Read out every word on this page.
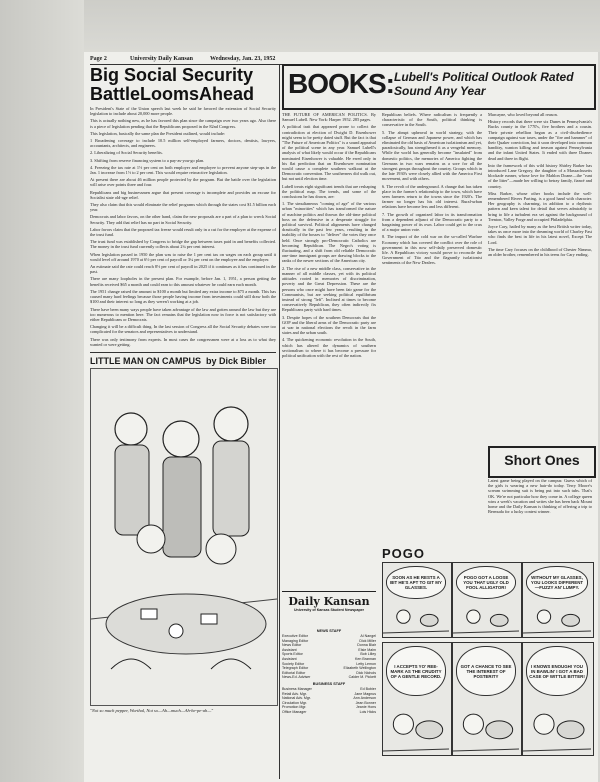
Page 2	University Daily Kansan	Wednesday, Jan. 23, 1952
Big Social Security
BattleLoomsAhead

In President's State of the Union speech last week he said he favored the extension of Social Security legislation to include about 20,000 more people.

This is actually nothing new, as he has favored this plan since the campaign over two years ago. Also there is a piece of legislation pending that the Republicans proposed in the 82nd Congress.

This legislation, basically the same plan the President outlined, would include:

1 Broadening coverage to include 10.5 million self-employed farmers, doctors, dentists, lawyers, accountants, architects, and engineers.

2. Liberalizing of Social Security benefits.

3. Shifting from reserve financing system to a pay-as-you-go plan.

4. Freezing the tax rate at 1½ per cent on both employer and employee to prevent anyone step-ups in the Jan. 1 increase from 1½ to 2 per cent. This would require retroactive legislation.

At present there are about 46 million people protected by the program. But the battle over the legislation will arise over points three and four.

Republicans and big businessmen argue that present coverage is incomplete and provides an excuse for Socialist state old-age relief.

They also claim that this would eliminate the relief programs which through the states cost $1.5 billion each year.

Democrats and labor favors, on the other hand, claim the new proposals are a part of a plan to wreck Social Security. They add that relief has no part in Social Security.

Labor favors claim that the proposed tax freeze would result only in a cut for the employer at the expense of the trust fund.

The trust fund was established by Congress to bridge the gap between taxes paid in and benefits collected. The money in the trust fund currently collects about 2¼ per cent interest.

When legislation passed in 1950 the plan was to raise the 1 per cent tax on wages on each group until it would level off around 1970 at 6½ per cent of payroll or 3¼ per cent on the employee and the employer.

An estimate said the rate could reach 8½ per cent of payroll in 2025 if it continues as it has continued in the past.

There are many loopholes in the present plan. For example, before Jan. 1, 1951, a person getting the benefits received $65 a month and could earn to this amount whatever he could earn each month.

The 1951 change raised the amount to $100 a month but limited any extra income to $75 a month. This has caused many hard feelings because those people having income from investments could still draw both the $100 and their interest so long as they weren't working at a job.

There have been many ways people have taken advantage of the law and gotten around the law but they are too numerous to mention here. The fact remains that the legislation now in force is not satisfactory with either Republicans or Democrats.

Changing it will be a difficult thing. In the last session of Congress all the Social Security debates were too complicated for the senators and representatives to understand.

There was only testimony from experts. In most cases the congressmen were at a loss as to what they wanted or were getting.

LITTLE MAN ON CAMPUS by Dick Bibler
"Not so much pepper, Worthal, Not so—Ah—much—Ah-he-pe-ah—"
BOOKS: Lubell's Political Outlook Rated Sound Any Year

THE FUTURE OF AMERICAN POLITICS. By Samuel Lubell. New York: Harper 1952. 285 pages.

A political trait that appeared prone to collect the contradiction at election of Dwight D. Eisenhower might seem to be pretty dated stuff. But the fact is that "The Future of American Politics" is a sound appraisal of the political scene in any year. Samuel Lubell's analysis of what likely would occur if the Republicans nominated Eisenhower is valuable. He erred only in his flat prediction that an Eisenhower nomination would cause a complete southern walkout at the Democratic convention. The southerners did walk out, but not until election time.

Lubell treats eight significant trends that are reshaping the political map. The trends, and some of the conclusions he has drawn, are:

1. The simultaneous "coming of age" of the various urban "minorities" which has transformed the nature of machine politics and thrown the old-time political boss on the defensive in a desperate struggle for political survival. Political alignments have changed drastically in the past few years, resulting in the inability of the bosses to "deliver" the votes they once held. Once strongly pro-Democratic Catholics are becoming Republican. The Negro's voting is fluctuating, and a shift from old reliable Democratic one-time immigrant groups are drawing blocks to the ranks of the newer sections of the American city.

2. The rise of a new middle class, conservative in the manner of all middle classes, yet with its political attitudes rooted in memories of discrimination, poverty and the Great Depression. These are the persons who once might have been fair game for the Communists, but are seeking political equilibrium instead of strong "left". Inclined at times to become conservatively Republican, they often indirectly fix Republicans party with hard times.

3. Despite hopes of the southern Democrats that the GOP and the liberal arms of the Democratic party are at war in national elections the revolt in the farm states and the urban south.

4. The quickening economic revolution in the South, which has altered the dynamics of southern sectionalism to where it has become a pressure for political unification with the rest of the nation.

Republican beliefs. Where radicalism is frequently a characteristic of the South, political thinking is conservative in the South.

5. The abrupt upheaval in world strategy, with the collapse of German and Japanese power, and which has eliminated the old basis of American isolationism and yet, paradoxically, has strengthened it as a vengeful memory. While the world has generally become "insulated" from domestic politics, the memories of America fighting the Germans in two wars remains as a sore for all the strongest groups throughout the country. Groups which in the late 1930's were closely allied with the America First movement, and with others.

6. The revolt of the underground. A change that has taken place in the farmer's relationship to the town, which have seen farmers return to the towns since the 1920's. The farmer no longer has his old interest. Rural-urban relations have become less and less different.

7. The growth of organized labor in its transformation from a dependent adjunct of the Democratic party to a bargaining power of its own. Labor could get to the crux of a major union vote.

8. The impact of the cold war on the so-called Warfare Economy which has covered the conflict over the role of government in this now self-daily preserved domestic life. A Republican victory would prove to reconcile the Government of Tito and the flagrantly isolationist sentiments of the New Dealers.

Marcayne, who loved beyond all reason.

History records that there were six Dunes in Pennsylvania's Bucks county in the 1770's, five brothers and a cousin. Their private rebellion began as a civil-disobedience campaign against war taxes, under the "fire and hammer" of their Quaker conviction, but it soon developed into common banditry, wanton killing and treason against Pennsylvania and the infant United States. It ended with three Doanes dead and three in flight.

Into the framework of this wild history Shirley Barker has introduced Lane Gregory, the daughter of a Massachusetts blockade runner, whose love for Mahlon Doane—the "runt of the litter"—made her willing to betray family, fiancé and country.

Miss Barker, whose other books include the well-remembered Rivers Parting, is a good hand with character. Her geography is charming, in addition to a rhythmic pattern and keen talent for detail that serves admirably to bring to life a turbulent era set against the background of Trenton, Valley Forge and occupied Philadelphia.

Joyce Cary, hailed by many as the best British writer today, takes us once more into the dreaming world of Charley Fast who finds the best in life in his latest novel, Except The Lord.

The time Cary focuses on the childhood of Chester Nimmo, an older brother, remembered in his teens for Cary ending.

Short Ones
Latest game being played on the campus: Guess which of the girls is wearing a new hair-do today. Terry Moore's scream swimming suit is being put into such tubs. That's OK. We're not particular how they come in. A college queen wins a week's vacation and writes she has been back Mount home and the Daily Kansan is thinking of offering a trip to Bermuda for a lucky contest winner.
Daily Kansan
University of Kansas Student Newspaper
NEWS STAFF
Executive Editor	Al Nangel
Managing Editor	Dick Miller
News Editor	Donna Blair
Assistant	Elsie Malm
Sports Editor	Bob Lilley
Assistant	Ken Brannan
Society Editor	Letty Lemon
Telegraph Editor	Elizabeth Wellington
Editorial Editor	Dick Nichols
News-Ed. Adviser	Calder M. Pickett
BUSINESS STAFF
Business Manager	Ed Bobier
Retail Adv. Mgr.	Jane Magnus
National Adv. Mgr.	Ann Anderson
Circulation Mgr.	Jean Bonner
Promotion Mgr.	Jeanie Hons
Office Manager	Lois Hicks
POGO
SOON AS HE RESTS A BIT HE'S APT TO GIT MY GLASSES.
POGO GOT A LOOSE YOU THAT UGLY OLD FOOL ALLIGATOR!
WITHOUT MY GLASSES, YOU LOOKS DIFFERENT—FUZZY AN' LUMPY.
I ACCEPTS YO' REE-MARK AS THE CRUDITY OF A GENTLE RECORD.
GOT A CHANCE TO SEE THE INTEREST OF POSTERITY
I KNOWS ENOUGH! YOU IN BAWLIN' I GOT A BAD CASE OF WITTLE BITTER!
